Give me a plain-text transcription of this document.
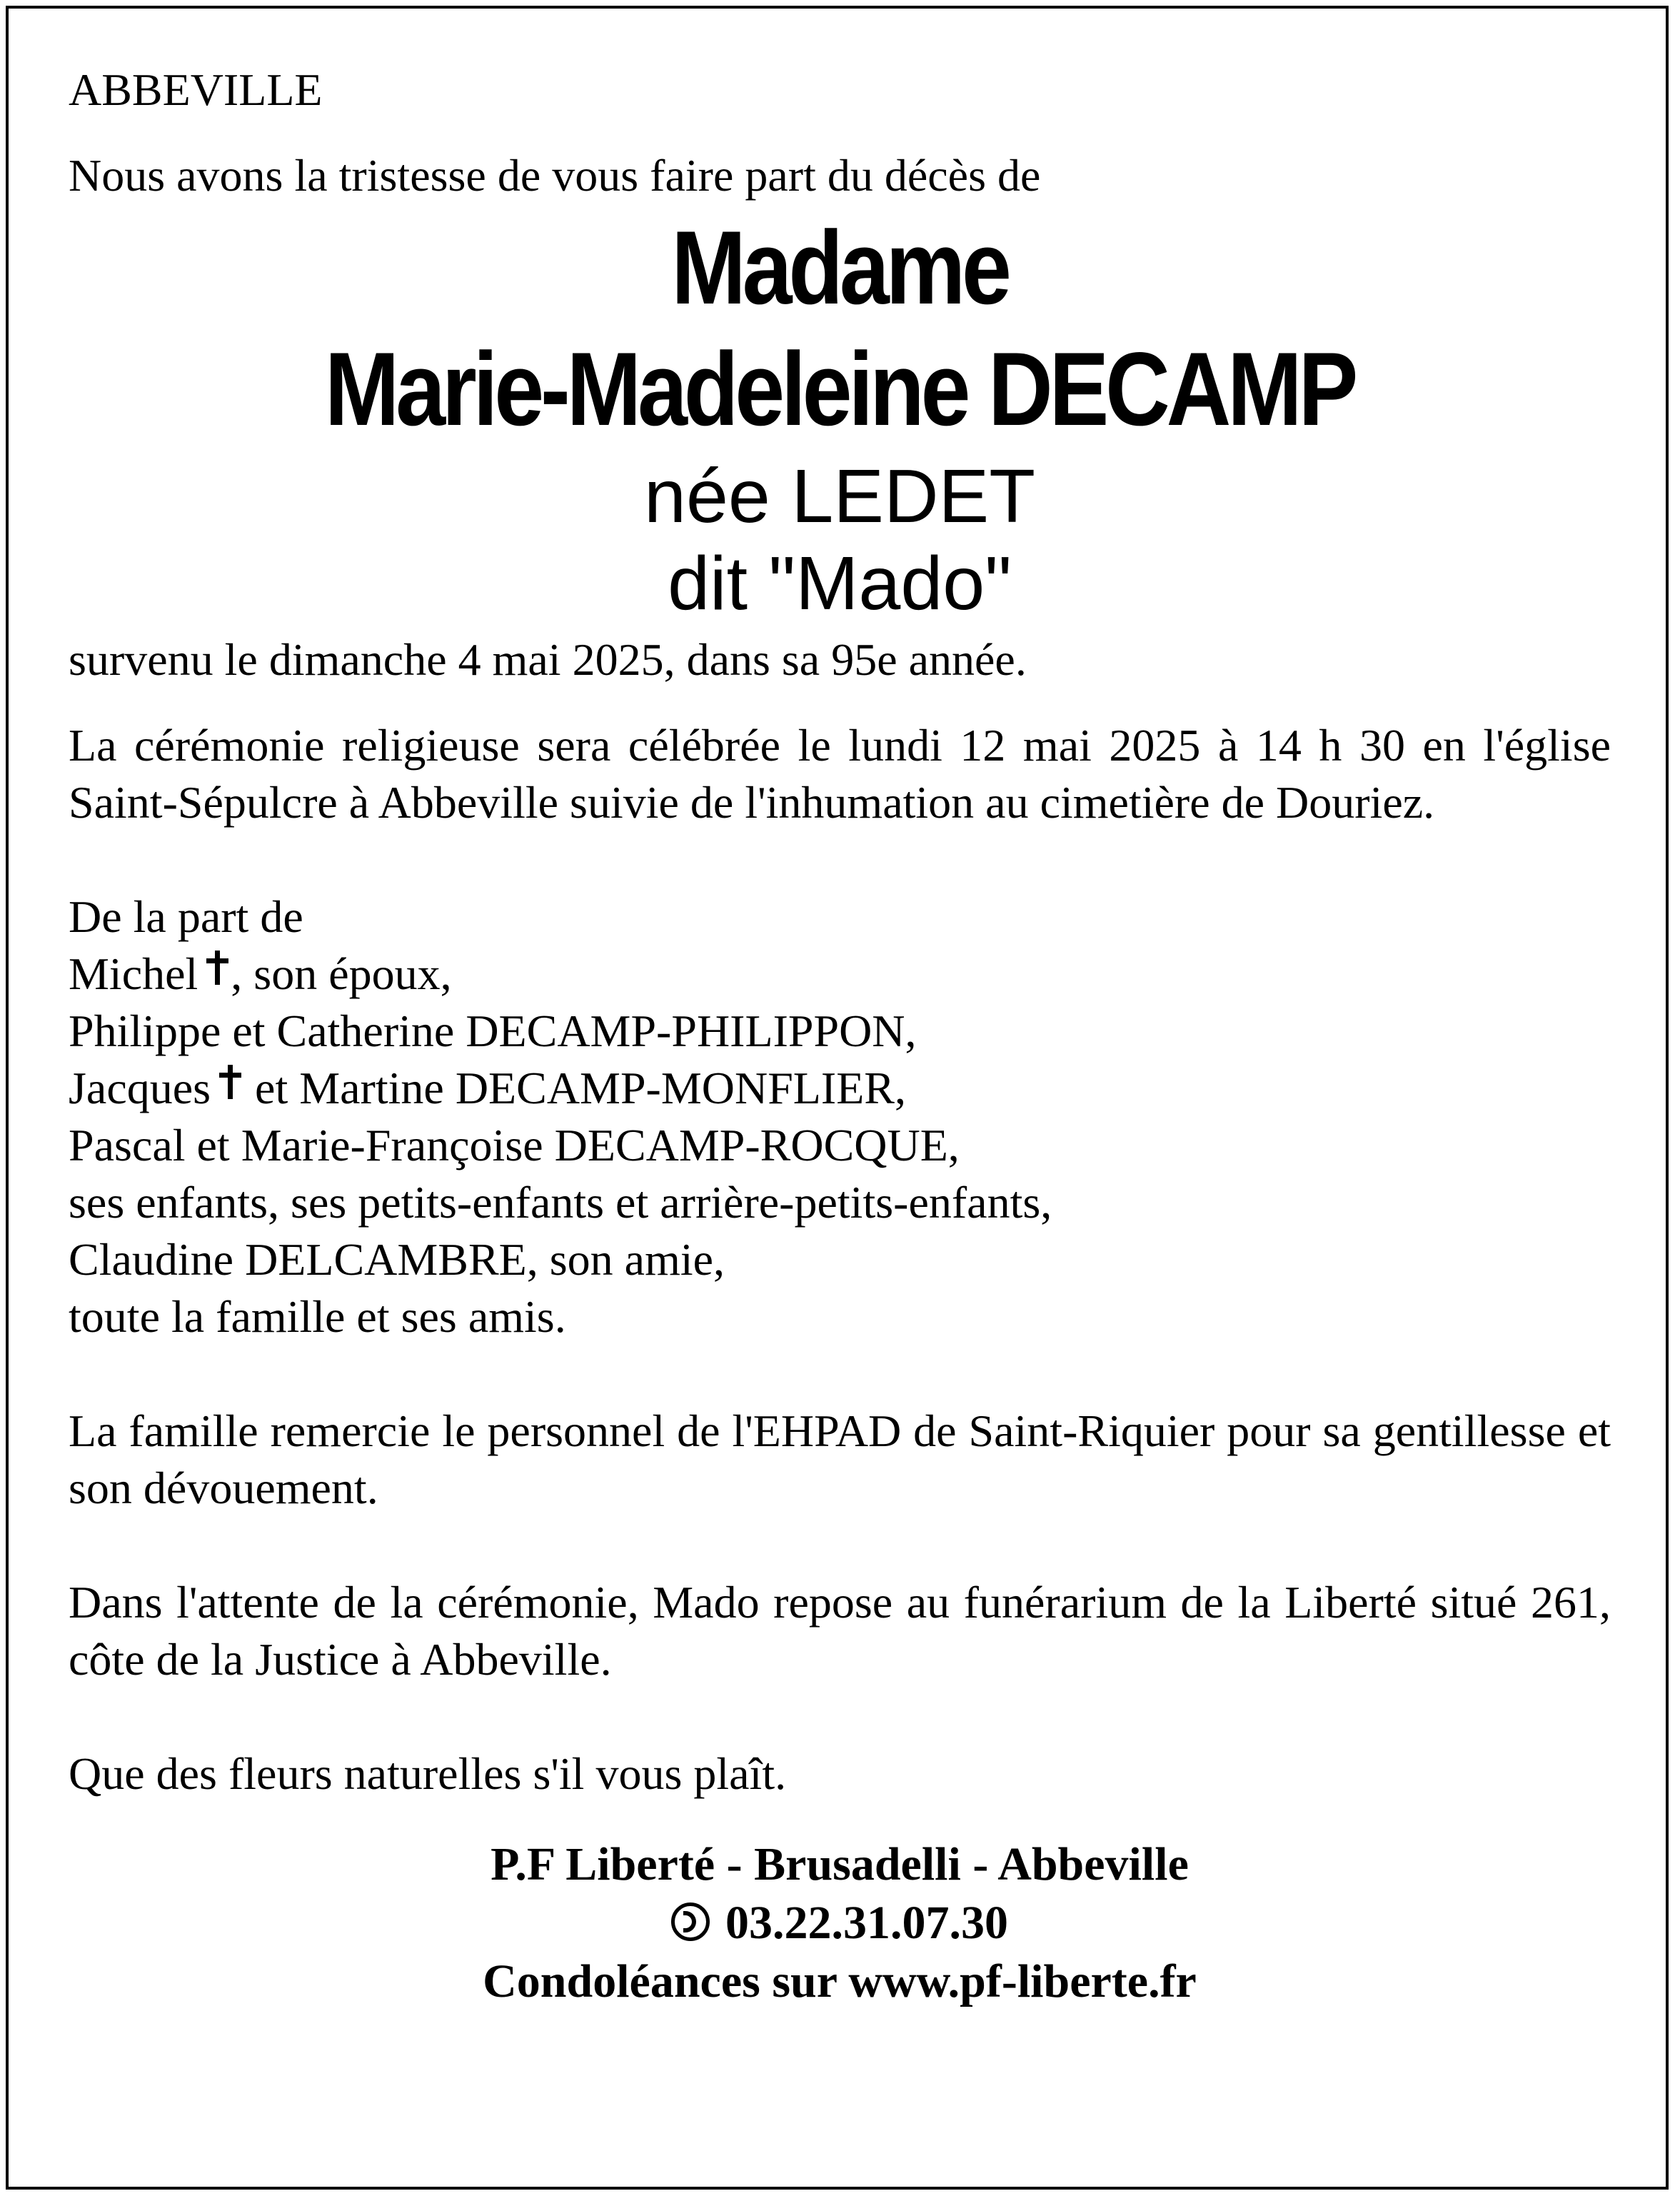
ABBEVILLE

Nous avons la tristesse de vous faire part du décès de

Madame

Marie-Madeleine DECAMP

née LEDET

dit "Mado"

survenu le dimanche 4 mai 2025, dans sa 95e année.

La cérémonie religieuse sera célébrée le lundi 12 mai 2025 à 14 h 30 en l'église Saint-Sépulcre à Abbeville suivie de l'inhumation au cimetière de Douriez.

De la part de

Michel , son époux,

Philippe et Catherine DECAMP-PHILIPPON,

Jacques et Martine DECAMP-MONFLIER,

Pascal et Marie-Françoise DECAMP-ROCQUE,

ses enfants, ses petits-enfants et arrière-petits-enfants,

Claudine DELCAMBRE, son amie,

toute la famille et ses amis.

La famille remercie le personnel de l'EHPAD de Saint-Riquier pour sa gentillesse et son dévouement.

Dans l'attente de la cérémonie, Mado repose au funérarium de la Liberté situé 261, côte de la Justice à Abbeville.

Que des fleurs naturelles s'il vous plaît.

P.F Liberté - Brusadelli - Abbeville

03.22.31.07.30

Condoléances sur www.pf-liberte.fr
